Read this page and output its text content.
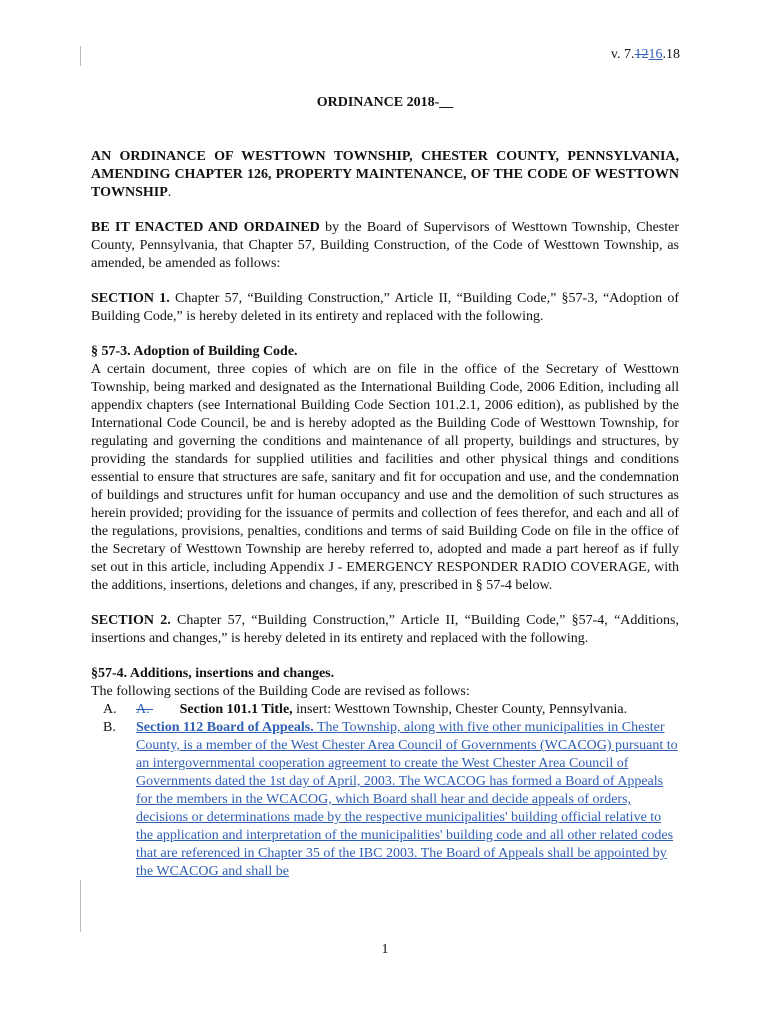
v. 7.1216.18
ORDINANCE 2018-__

AN ORDINANCE OF WESTTOWN TOWNSHIP, CHESTER COUNTY, PENNSYLVANIA, AMENDING CHAPTER 126, PROPERTY MAINTENANCE, OF THE CODE OF WESTTOWN TOWNSHIP.

BE IT ENACTED AND ORDAINED by the Board of Supervisors of Westtown Township, Chester County, Pennsylvania, that Chapter 57, Building Construction, of the Code of Westtown Township, as amended, be amended as follows:

SECTION 1. Chapter 57, “Building Construction,” Article II, “Building Code,” §57-3, “Adoption of Building Code,” is hereby deleted in its entirety and replaced with the following.

§ 57-3. Adoption of Building Code.

A certain document, three copies of which are on file in the office of the Secretary of Westtown Township, being marked and designated as the International Building Code, 2006 Edition, including all appendix chapters (see International Building Code Section 101.2.1, 2006 edition), as published by the International Code Council, be and is hereby adopted as the Building Code of Westtown Township, for regulating and governing the conditions and maintenance of all property, buildings and structures, by providing the standards for supplied utilities and facilities and other physical things and conditions essential to ensure that structures are safe, sanitary and fit for occupation and use, and the condemnation of buildings and structures unfit for human occupancy and use and the demolition of such structures as herein provided; providing for the issuance of permits and collection of fees therefor, and each and all of the regulations, provisions, penalties, conditions and terms of said Building Code on file in the office of the Secretary of Westtown Township are hereby referred to, adopted and made a part hereof as if fully set out in this article, including Appendix J - EMERGENCY RESPONDER RADIO COVERAGE, with the additions, insertions, deletions and changes, if any, prescribed in § 57-4 below.

SECTION 2. Chapter 57, “Building Construction,” Article II, “Building Code,” §57-4, “Additions, insertions and changes,” is hereby deleted in its entirety and replaced with the following.

§57-4. Additions, insertions and changes.

The following sections of the Building Code are revised as follows:

A.	A. Section 101.1 Title, insert: Westtown Township, Chester County, Pennsylvania.
B.	Section 112 Board of Appeals. The Township, along with five other municipalities in Chester County, is a member of the West Chester Area Council of Governments (WCACOG) pursuant to an intergovernmental cooperation agreement to create the West Chester Area Council of Governments dated the 1st day of April, 2003. The WCACOG has formed a Board of Appeals for the members in the WCACOG, which Board shall hear and decide appeals of orders, decisions or determinations made by the respective municipalities' building official relative to the application and interpretation of the municipalities' building code and all other related codes that are referenced in Chapter 35 of the IBC 2003. The Board of Appeals shall be appointed by the WCACOG and shall be
1
